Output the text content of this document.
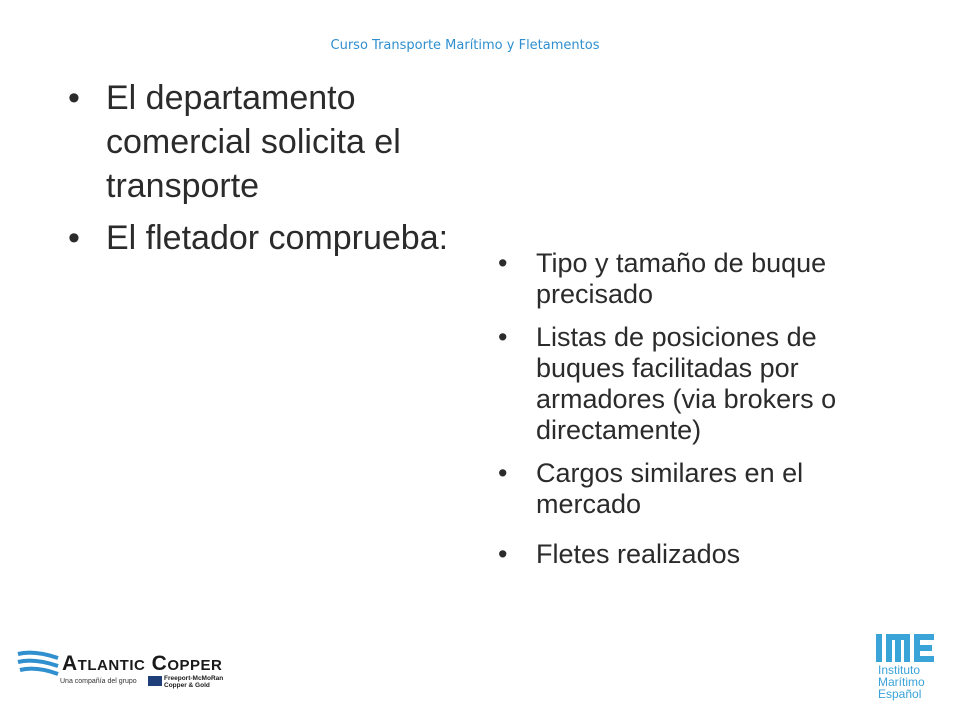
Curso Transporte Marítimo y Fletamentos
• El departamento comercial solicita el transporte
• El fletador comprueba:
• Tipo y tamaño de buque precisado
• Listas de posiciones de buques facilitadas por armadores (via brokers o directamente)
• Cargos similares en el mercado
• Fletes realizados
Atlantic Copper
Una compañía del grupo	Freeport-McMoRan
Copper & Gold
Instituto
Marítimo
Español
